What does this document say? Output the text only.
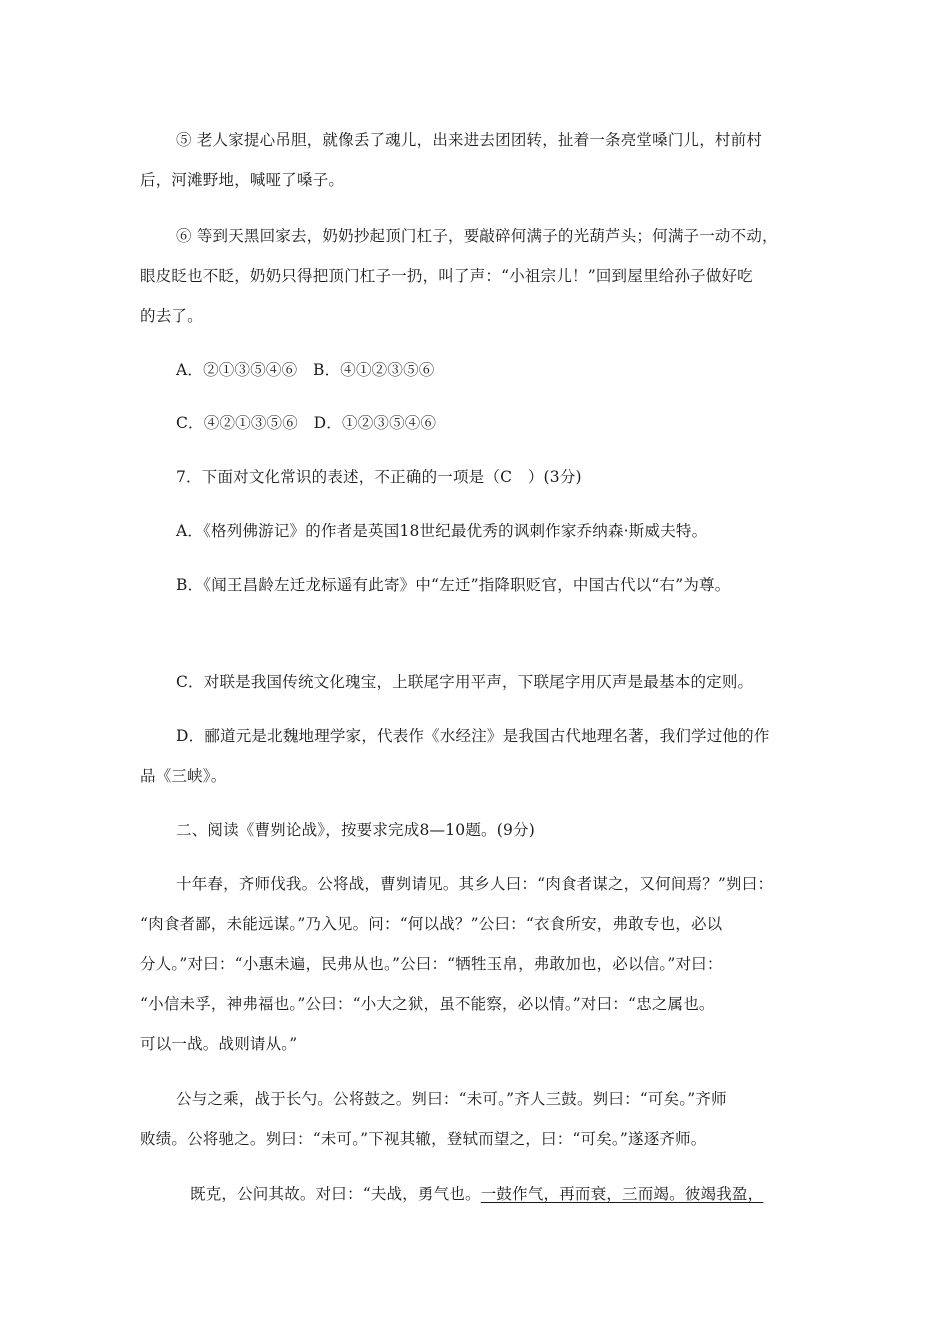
⑤ 老人家提心吊胆，就像丢了魂儿，出来进去团团转，扯着一条亮堂嗓门儿，村前村
后，河滩野地，喊哑了嗓子。
⑥ 等到天黑回家去，奶奶抄起顶门杠子，要敲碎何满子的光葫芦头；何满子一动不动，
眼皮眨也不眨，奶奶只得把顶门杠子一扔，叫了声：“小祖宗儿！”回到屋里给孙子做好吃
的去了。
A．②①③⑤④⑥　B．④①②③⑤⑥
C．④②①③⑤⑥　D．①②③⑤④⑥
7．下面对文化常识的表述，不正确的一项是（C　）(3分)
A．《格列佛游记》的作者是英国18世纪最优秀的讽刺作家乔纳森·斯威夫特。
B．《闻王昌龄左迁龙标遥有此寄》中“左迁”指降职贬官，中国古代以“右”为尊。
C．对联是我国传统文化瑰宝，上联尾字用平声，下联尾字用仄声是最基本的定则。
D．郦道元是北魏地理学家，代表作《水经注》是我国古代地理名著，我们学过他的作
品《三峡》。
二、阅读《曹刿论战》，按要求完成8—10题。(9分)
十年春，齐师伐我。公将战，曹刿请见。其乡人曰：“肉食者谋之，又何间焉？”刿曰：
“肉食者鄙，未能远谋。”乃入见。问：“何以战？”公曰：“衣食所安，弗敢专也，必以
分人。”对曰：“小惠未遍，民弗从也。”公曰：“牺牲玉帛，弗敢加也，必以信。”对曰：
“小信未孚，神弗福也。”公曰：“小大之狱，虽不能察，必以情。”对曰：“忠之属也。
可以一战。战则请从。”
公与之乘，战于长勺。公将鼓之。刿曰：“未可。”齐人三鼓。刿曰：“可矣。”齐师
败绩。公将驰之。刿曰：“未可。”下视其辙，登轼而望之，曰：“可矣。”遂逐齐师。
既克，公问其故。对曰：“夫战，勇气也。一鼓作气，再而衰，三而竭。彼竭我盈，
